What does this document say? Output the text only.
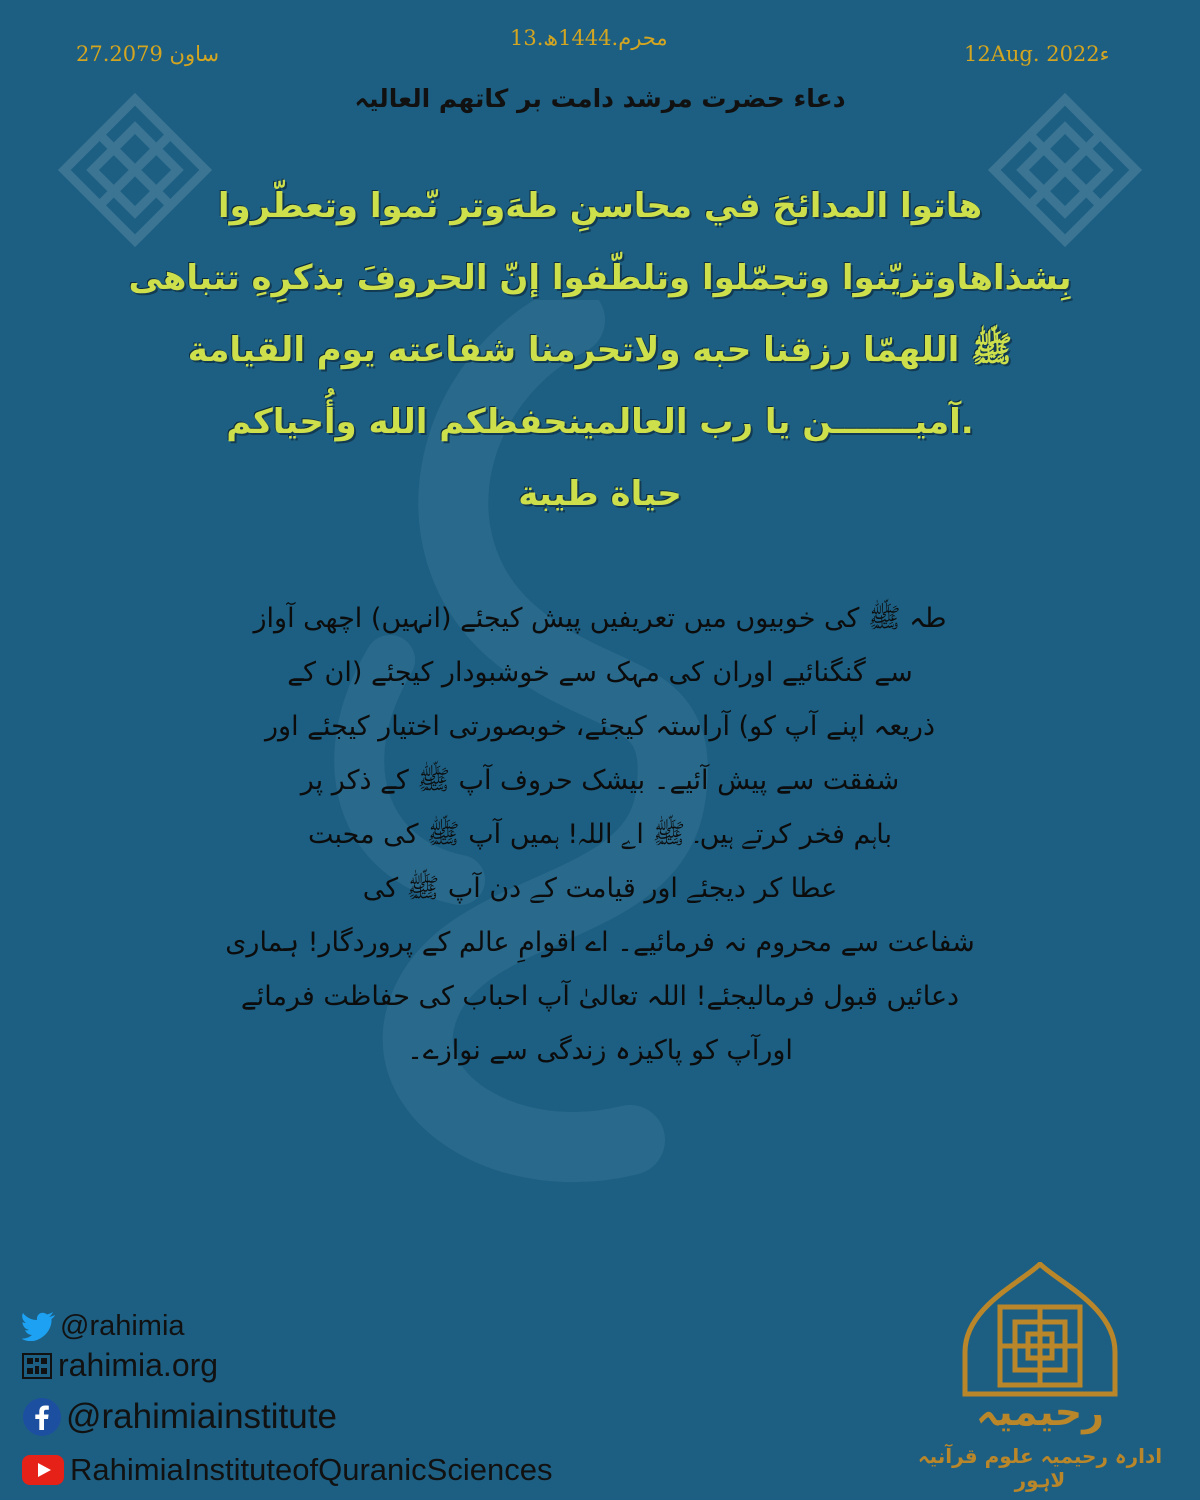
27.ساون 2079
13.محرم.1444ھ
12Aug. 2022ء
دعاء حضرت مرشد دامت بر کاتهم العالیہ
هاتوا المدائحَ في محاسنِ طهَ‌وتر نّموا وتعطّروا
بِشذاهاوتزيّنوا وتجمّلوا وتلطّفوا إنّ الحروفَ بذكرِهِ تتباهى
ﷺ اللهمّا رزقنا حبه ولاتحرمنا شفاعته يوم القيامة
.آميـــــــن يا رب العالمينحفظكم الله وأُحياكم
حياة طيبة
طہ ﷺ کی خوبیوں میں تعریفیں پیش کیجئے (انہیں) اچھی آواز
سے گنگنائیے اوران کی مہک سے خوشبودار کیجئے (ان کے
ذریعہ اپنے آپ کو) آراستہ کیجئے، خوبصورتی اختیار کیجئے اور
شفقت سے پیش آئیے۔ بیشک حروف آپ ﷺ کے ذکر پر
باہم فخر کرتے ہیں۔ ﷺ اے اللہ! ہمیں آپ ﷺ کی محبت
عطا کر دیجئے اور قیامت کے دن آپ ﷺ کی
شفاعت سے محروم نہ فرمائیے۔ اے اقوامِ عالم کے پروردگار! ہماری
دعائیں قبول فرمالیجئے! اللہ تعالیٰ آپ احباب کی حفاظت فرمائے
اورآپ کو پاکیزہ زندگی سے نوازے۔
@rahimia
rahimia.org
@rahimiainstitute
RahimiaInstituteofQuranicSciences
رحیمیہ
ادارہ رحیمیہ علوم قرآنیہ لاہور
